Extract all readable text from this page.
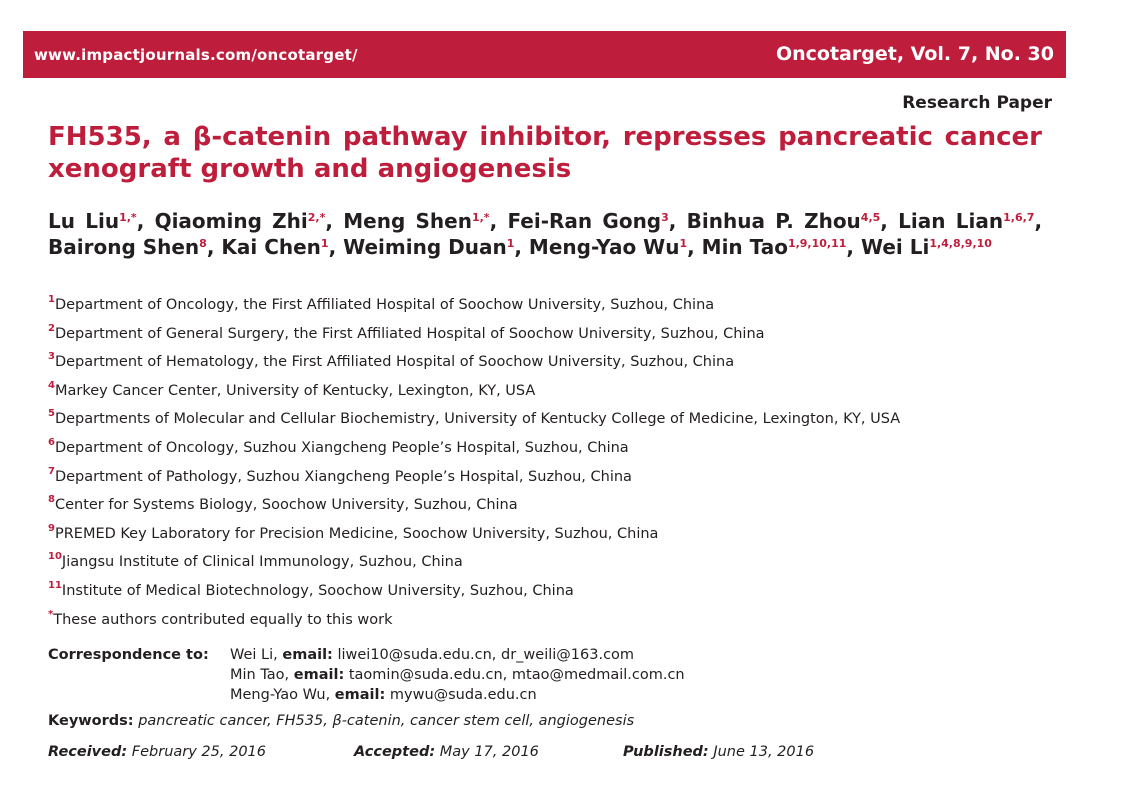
www.impactjournals.com/oncotarget/	Oncotarget, Vol. 7, No. 30
Research Paper
FH535, a β-catenin pathway inhibitor, represses pancreatic cancer xenograft growth and angiogenesis
Lu Liu$^{1,*}$, Qiaoming Zhi$^{2,*}$, Meng Shen$^{1,*}$, Fei-Ran Gong$^3$, Binhua P. Zhou$^{4,5}$, Lian Lian$^{1,6,7}$, Bairong Shen$^8$, Kai Chen$^1$, Weiming Duan$^1$, Meng-Yao Wu$^1$, Min Tao$^{1,9,10,11}$, Wei Li$^{1,4,8,9,10}$
$^1$Department of Oncology, the First Affiliated Hospital of Soochow University, Suzhou, China
$^2$Department of General Surgery, the First Affiliated Hospital of Soochow University, Suzhou, China
$^3$Department of Hematology, the First Affiliated Hospital of Soochow University, Suzhou, China
$^4$Markey Cancer Center, University of Kentucky, Lexington, KY, USA
$^5$Departments of Molecular and Cellular Biochemistry, University of Kentucky College of Medicine, Lexington, KY, USA
$^6$Department of Oncology, Suzhou Xiangcheng People’s Hospital, Suzhou, China
$^7$Department of Pathology, Suzhou Xiangcheng People’s Hospital, Suzhou, China
$^8$Center for Systems Biology, Soochow University, Suzhou, China
$^9$PREMED Key Laboratory for Precision Medicine, Soochow University, Suzhou, China
$^{10}$Jiangsu Institute of Clinical Immunology, Suzhou, China
$^{11}$Institute of Medical Biotechnology, Soochow University, Suzhou, China
*These authors contributed equally to this work
Correspondence to:	Wei Li, email: liwei10@suda.edu.cn, dr_weili@163.com
Min Tao, email: taomin@suda.edu.cn, mtao@medmail.com.cn
Meng-Yao Wu, email: mywu@suda.edu.cn
Keywords: pancreatic cancer, FH535, β-catenin, cancer stem cell, angiogenesis
Received: February 25, 2016	Accepted: May 17, 2016	Published: June 13, 2016
